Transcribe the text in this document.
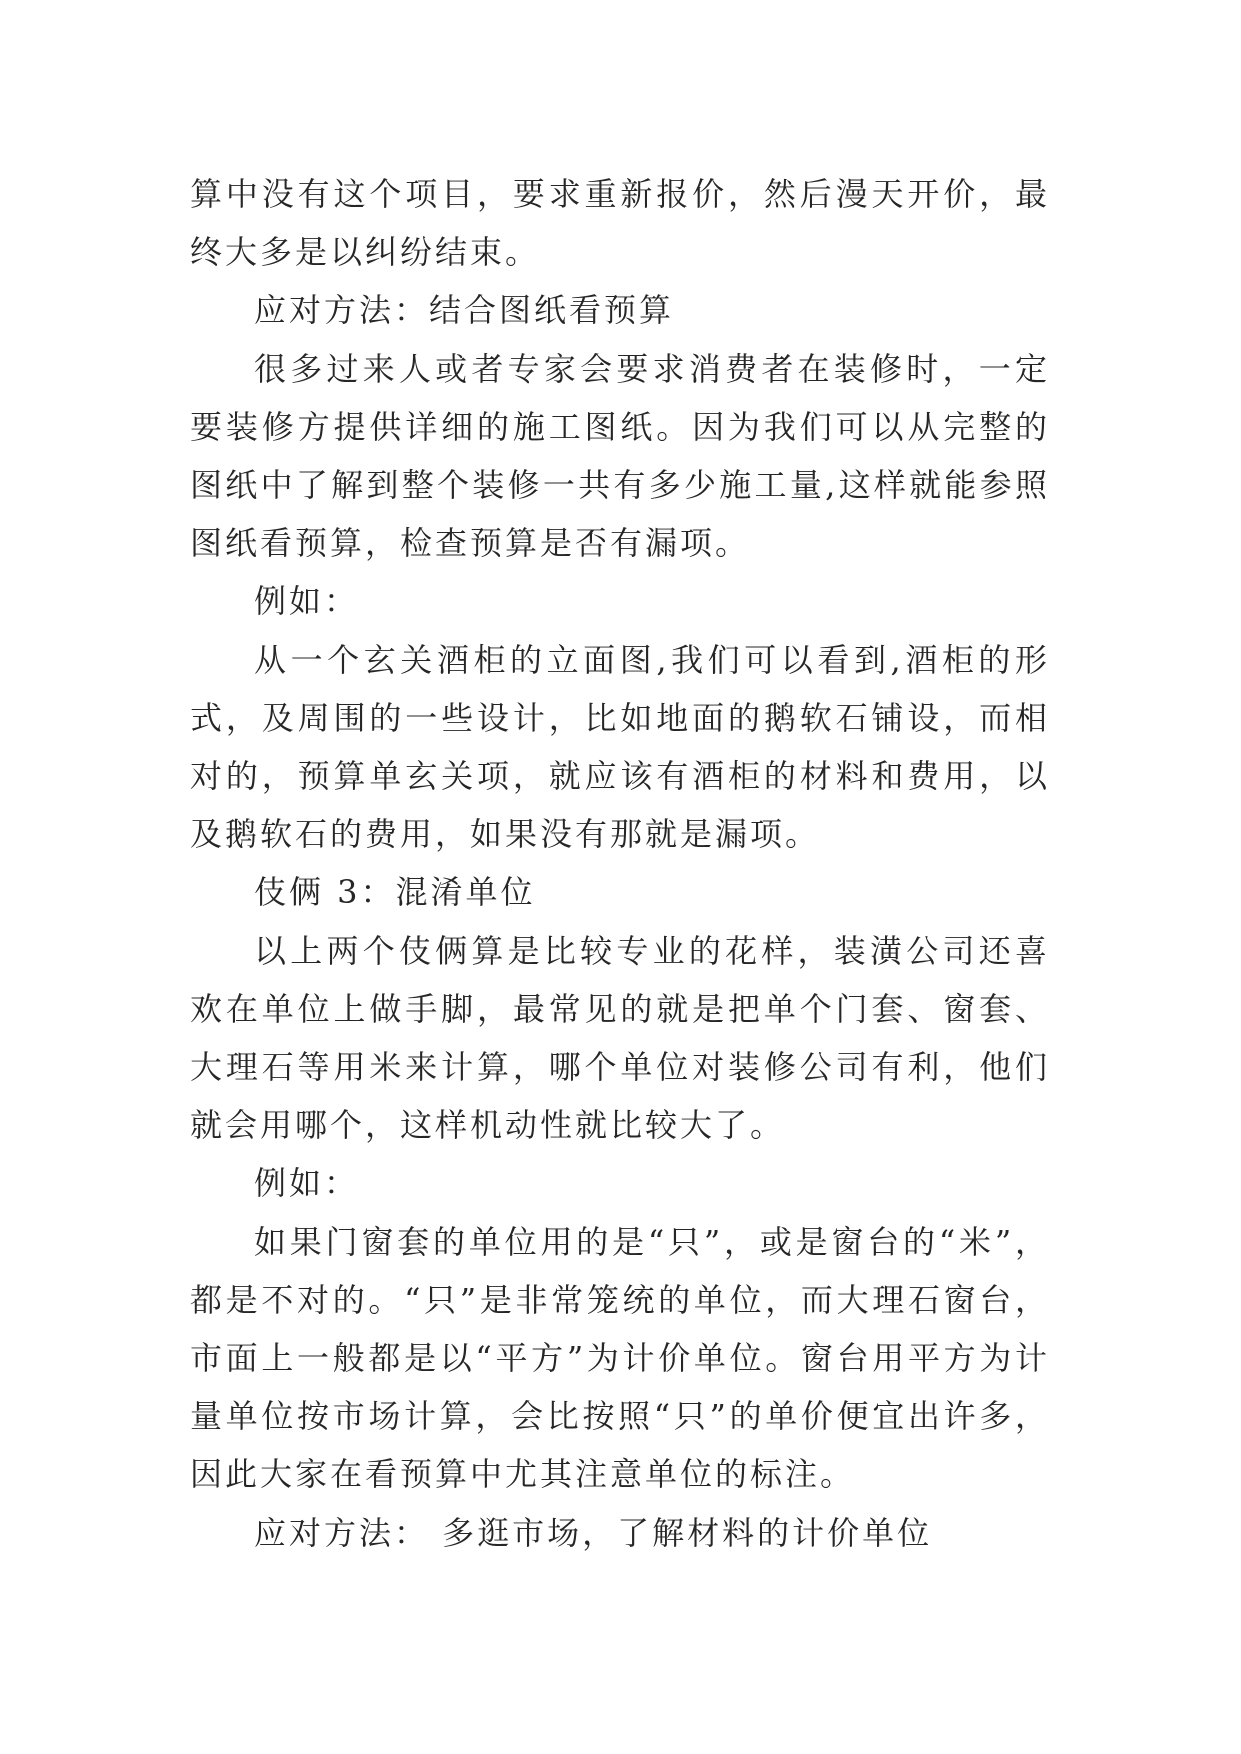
算中没有这个项目，要求重新报价，然后漫天开价，最终大多是以纠纷结束。

应对方法：结合图纸看预算

很多过来人或者专家会要求消费者在装修时，一定要装修方提供详细的施工图纸。因为我们可以从完整的图纸中了解到整个装修一共有多少施工量,这样就能参照图纸看预算，检查预算是否有漏项。

例如：

从一个玄关酒柜的立面图,我们可以看到,酒柜的形式，及周围的一些设计，比如地面的鹅软石铺设，而相对的，预算单玄关项，就应该有酒柜的材料和费用，以及鹅软石的费用，如果没有那就是漏项。

伎俩 3：混淆单位

以上两个伎俩算是比较专业的花样，装潢公司还喜欢在单位上做手脚，最常见的就是把单个门套、窗套、大理石等用米来计算，哪个单位对装修公司有利，他们就会用哪个，这样机动性就比较大了。

例如：

如果门窗套的单位用的是“只”，或是窗台的“米”，都是不对的。“只”是非常笼统的单位，而大理石窗台，市面上一般都是以“平方”为计价单位。窗台用平方为计量单位按市场计算，会比按照“只”的单价便宜出许多，因此大家在看预算中尤其注意单位的标注。

应对方法： 多逛市场，了解材料的计价单位
